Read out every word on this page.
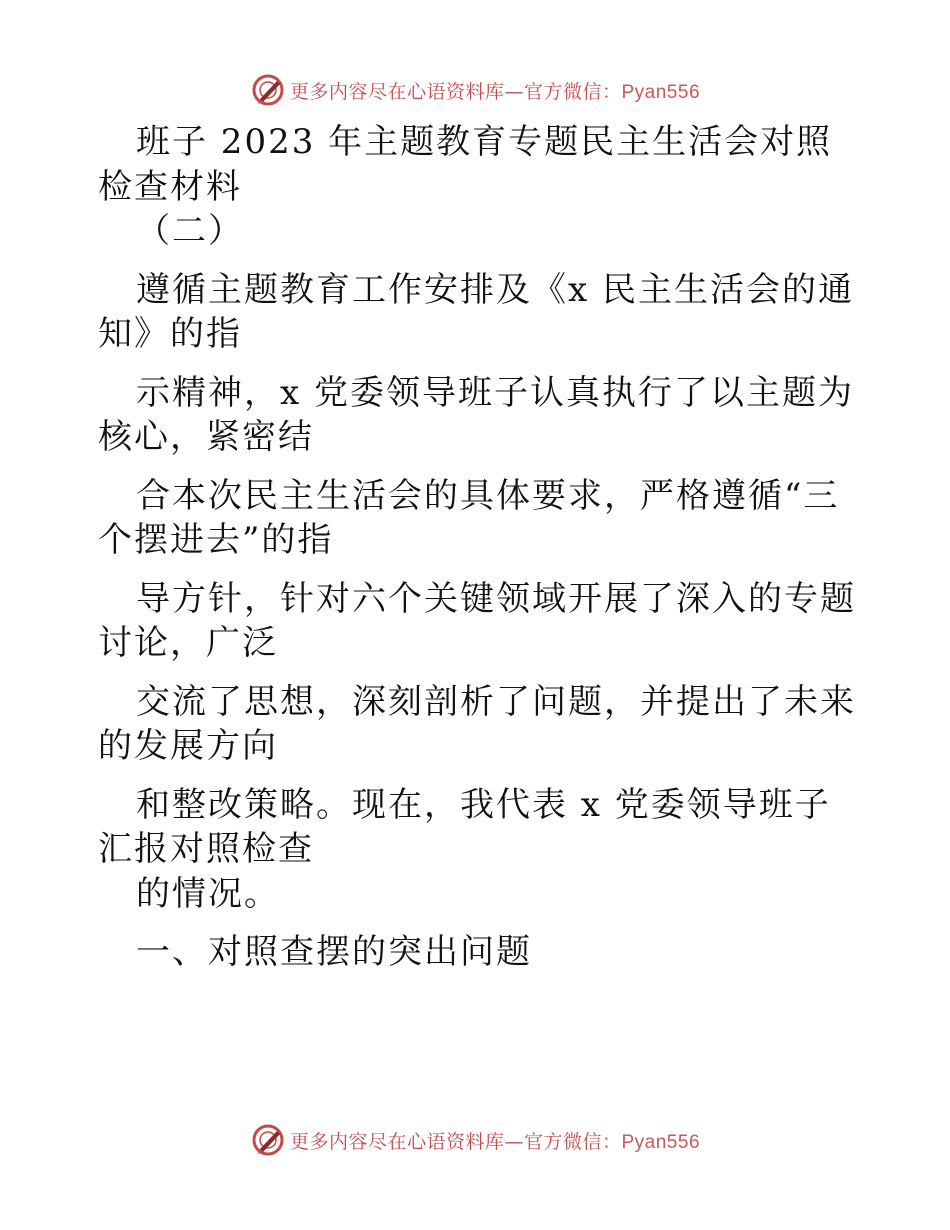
更多内容尽在心语资料库—官方微信：Pyan556

班子 2023 年主题教育专题民主生活会对照检查材料

（二）

遵循主题教育工作安排及《x 民主生活会的通知》的指

示精神，x 党委领导班子认真执行了以主题为核心，紧密结

合本次民主生活会的具体要求，严格遵循“三个摆进去”的指

导方针，针对六个关键领域开展了深入的专题讨论，广泛

交流了思想，深刻剖析了问题，并提出了未来的发展方向

和整改策略。现在，我代表 x 党委领导班子汇报对照检查

的情况。

一、对照查摆的突出问题

更多内容尽在心语资料库—官方微信：Pyan556
